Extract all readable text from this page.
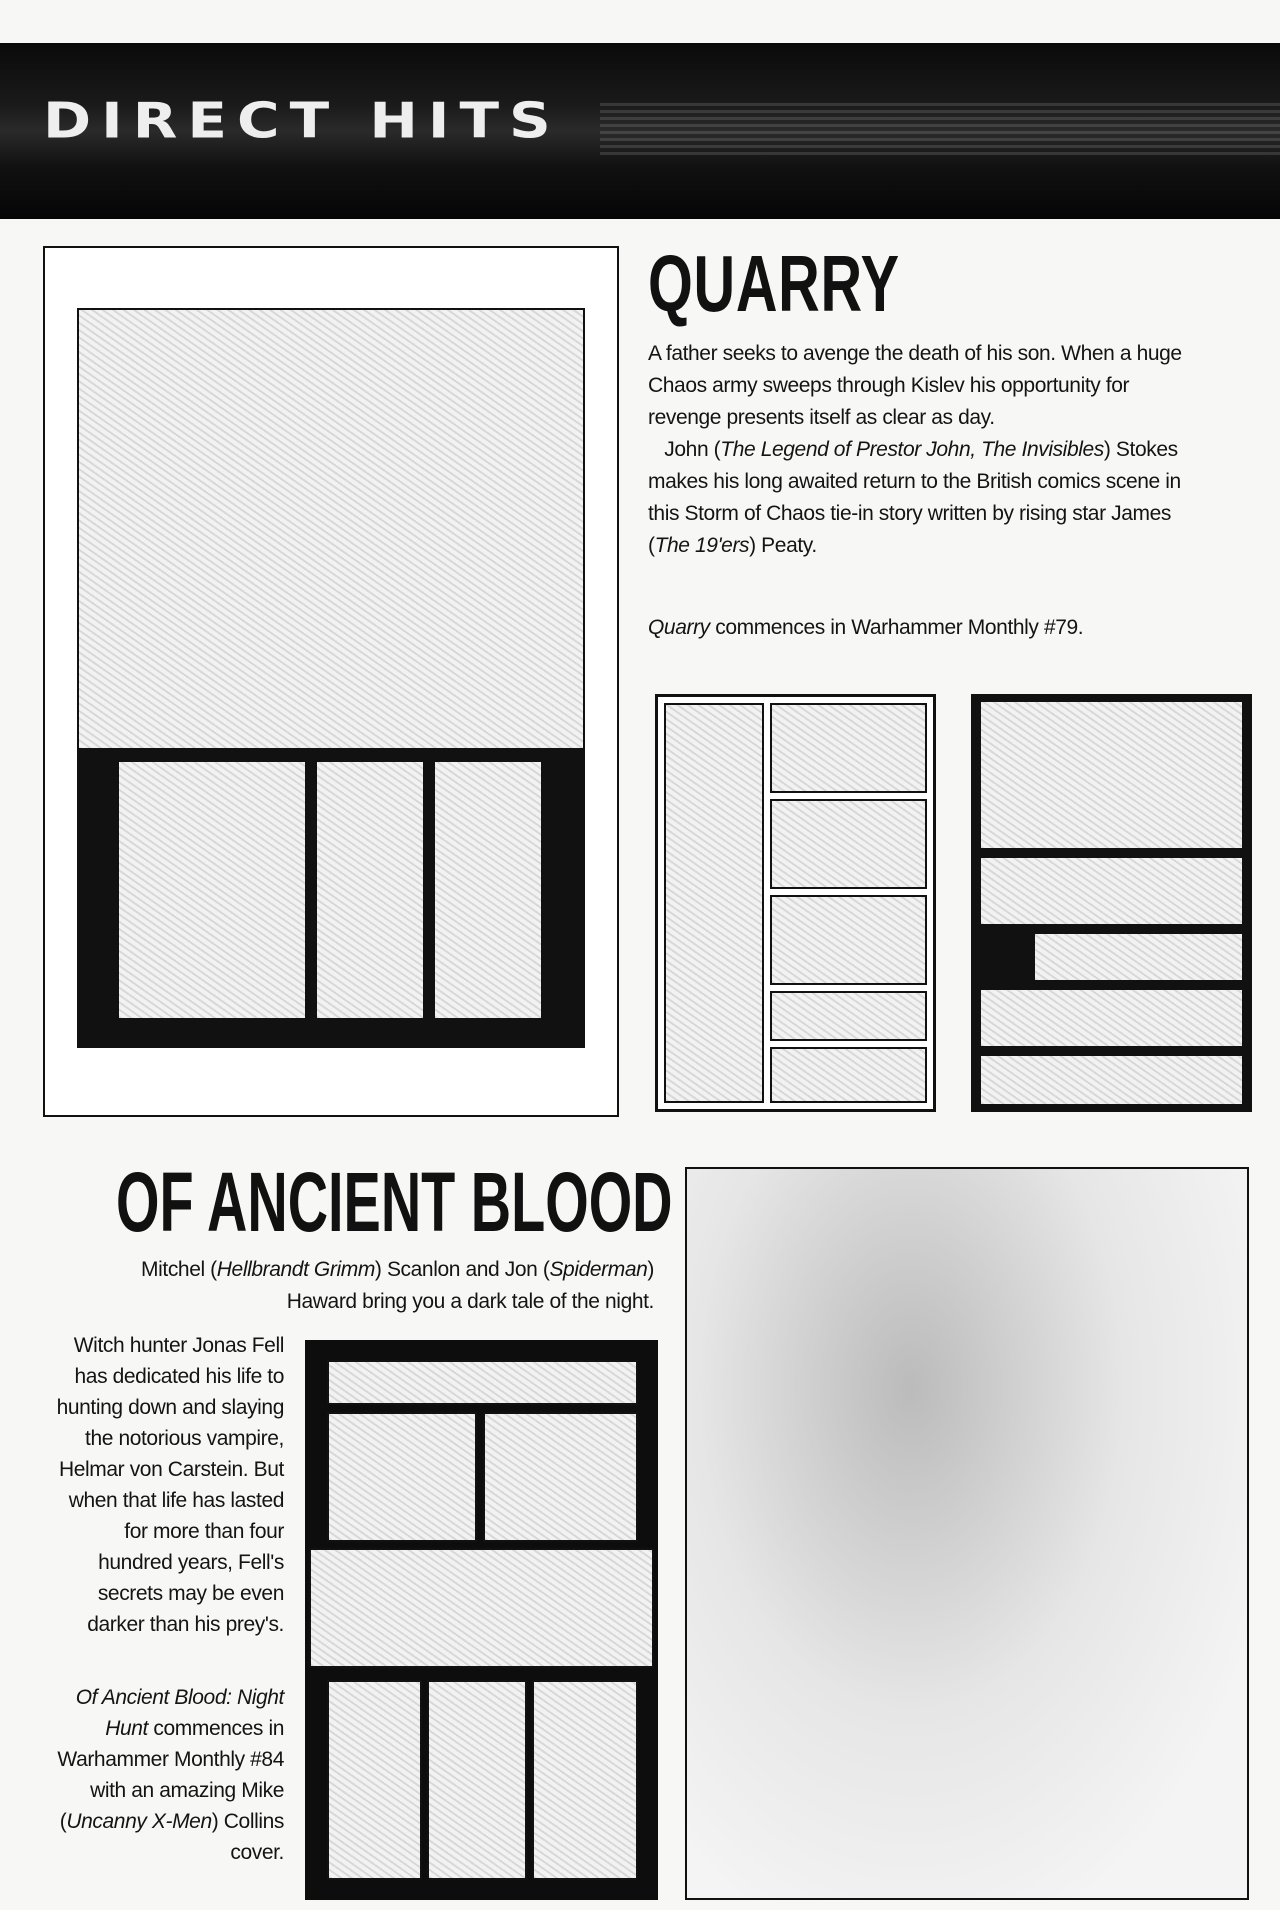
DIRECT HITS
QUARRY
A father seeks to avenge the death of his son. When a huge
Chaos army sweeps through Kislev his opportunity for
revenge presents itself as clear as day.
John (The Legend of Prestor John, The Invisibles) Stokes
makes his long awaited return to the British comics scene in
this Storm of Chaos tie-in story written by rising star James
(The 19'ers) Peaty.
Quarry commences in Warhammer Monthly #79.
OF ANCIENT BLOOD
Mitchel (Hellbrandt Grimm) Scanlon and Jon (Spiderman)
Haward bring you a dark tale of the night.
Witch hunter Jonas Fell
has dedicated his life to
hunting down and slaying
the notorious vampire,
Helmar von Carstein. But
when that life has lasted
for more than four
hundred years, Fell's
secrets may be even
darker than his prey's.
Of Ancient Blood: Night
Hunt commences in
Warhammer Monthly #84
with an amazing Mike
(Uncanny X-Men) Collins
cover.
